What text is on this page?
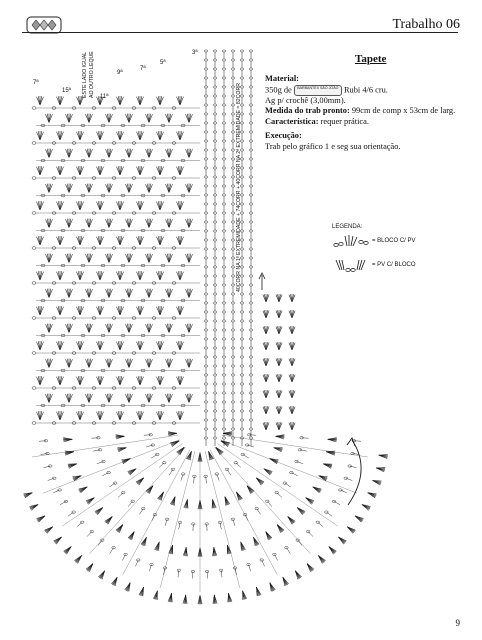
Trabalho 06
Tapete
Material:
350g de BARBANTEX SÃO JOÃO Rubi 4/6 cru.
Ag p/ crochê (3,00mm).
Medida do trab pronto: 99cm de comp x 53cm de larg.
Característica: requer prática.
Execução:
Trab pelo gráfico 1 e seg sua orientação.
LEGENDA:
= BLOCO C/ PV
= PV C/ BLOCO
ESTE LADO IGUAL AO OUTRO LEQUE
40CORR NA 1ª EXTREMIDADE + 74CORR + 40CORR NA 2ª EXTREMIDADE = 82CORR
7ª
15ª
11ª
9ª
7ª
5ª
3ª
9
